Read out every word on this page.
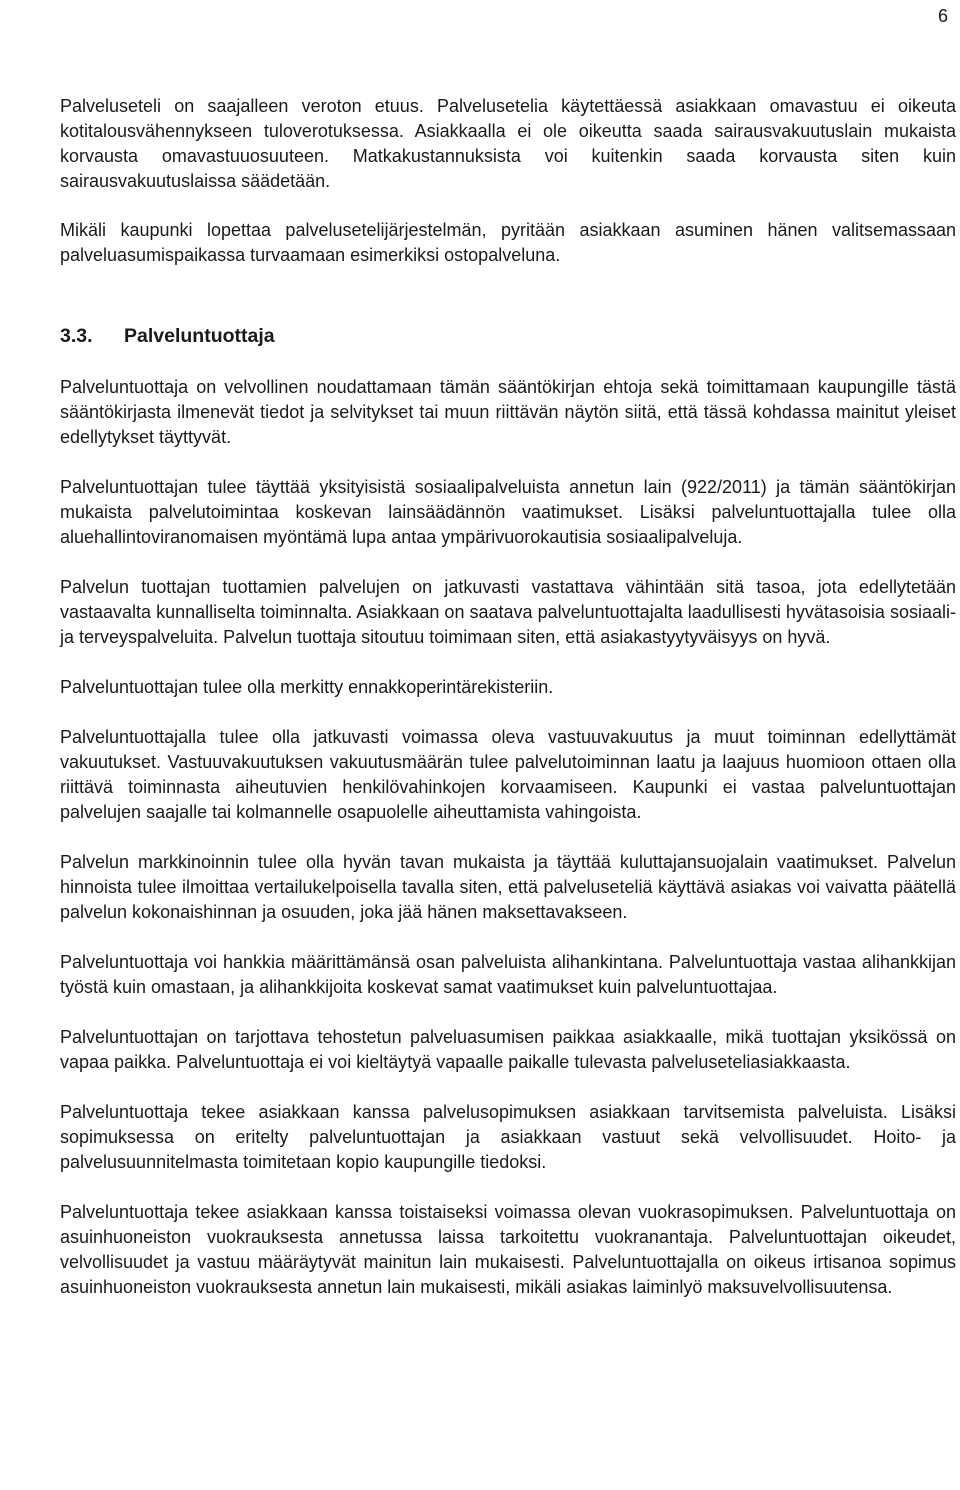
6

Palveluseteli on saajalleen veroton etuus. Palvelusetelia käytettäessä asiakkaan omavastuu ei oikeuta kotitalousvähennykseen tuloverotuksessa. Asiakkaalla ei ole oikeutta saada sairausvakuutuslain mukaista korvausta omavastuuosuuteen. Matkakustannuksista voi kuitenkin saada korvausta siten kuin sairausvakuutuslaissa säädetään.

Mikäli kaupunki lopettaa palvelusetelijärjestelmän, pyritään asiakkaan asuminen hänen valitsemassaan palveluasumispaikassa turvaamaan esimerkiksi ostopalveluna.

3.3. Palveluntuottaja

Palveluntuottaja on velvollinen noudattamaan tämän sääntökirjan ehtoja sekä toimittamaan kaupungille tästä sääntökirjasta ilmenevät tiedot ja selvitykset tai muun riittävän näytön siitä, että tässä kohdassa mainitut yleiset edellytykset täyttyvät.

Palveluntuottajan tulee täyttää yksityisistä sosiaalipalveluista annetun lain (922/2011) ja tämän sääntökirjan mukaista palvelutoimintaa koskevan lainsäädännön vaatimukset. Lisäksi palveluntuottajalla tulee olla aluehallintoviranomaisen myöntämä lupa antaa ympärivuorokautisia sosiaalipalveluja.

Palvelun tuottajan tuottamien palvelujen on jatkuvasti vastattava vähintään sitä tasoa, jota edellytetään vastaavalta kunnalliselta toiminnalta. Asiakkaan on saatava palveluntuottajalta laadullisesti hyvätasoisia sosiaali- ja terveyspalveluita. Palvelun tuottaja sitoutuu toimimaan siten, että asiakastyytyväisyys on hyvä.

Palveluntuottajan tulee olla merkitty ennakkoperintärekisteriin.

Palveluntuottajalla tulee olla jatkuvasti voimassa oleva vastuuvakuutus ja muut toiminnan edellyttämät vakuutukset. Vastuuvakuutuksen vakuutusmäärän tulee palvelutoiminnan laatu ja laajuus huomioon ottaen olla riittävä toiminnasta aiheutuvien henkilövahinkojen korvaamiseen. Kaupunki ei vastaa palveluntuottajan palvelujen saajalle tai kolmannelle osapuolelle aiheuttamista vahingoista.

Palvelun markkinoinnin tulee olla hyvän tavan mukaista ja täyttää kuluttajansuojalain vaatimukset. Palvelun hinnoista tulee ilmoittaa vertailukelpoisella tavalla siten, että palveluseteliä käyttävä asiakas voi vaivatta päätellä palvelun kokonaishinnan ja osuuden, joka jää hänen maksettavakseen.

Palveluntuottaja voi hankkia määrittämänsä osan palveluista alihankintana. Palveluntuottaja vastaa alihankkijan työstä kuin omastaan, ja alihankkijoita koskevat samat vaatimukset kuin palveluntuottajaa.

Palveluntuottajan on tarjottava tehostetun palveluasumisen paikkaa asiakkaalle, mikä tuottajan yksikössä on vapaa paikka. Palveluntuottaja ei voi kieltäytyä vapaalle paikalle tulevasta palveluseteliasiakkaasta.

Palveluntuottaja tekee asiakkaan kanssa palvelusopimuksen asiakkaan tarvitsemista palveluista. Lisäksi sopimuksessa on eritelty palveluntuottajan ja asiakkaan vastuut sekä velvollisuudet. Hoito- ja palvelusuunnitelmasta toimitetaan kopio kaupungille tiedoksi.

Palveluntuottaja tekee asiakkaan kanssa toistaiseksi voimassa olevan vuokrasopimuksen. Palveluntuottaja on asuinhuoneiston vuokrauksesta annetussa laissa tarkoitettu vuokranantaja. Palveluntuottajan oikeudet, velvollisuudet ja vastuu määräytyvät mainitun lain mukaisesti. Palveluntuottajalla on oikeus irtisanoa sopimus asuinhuoneiston vuokrauksesta annetun lain mukaisesti, mikäli asiakas laiminlyö maksuvelvollisuutensa.
